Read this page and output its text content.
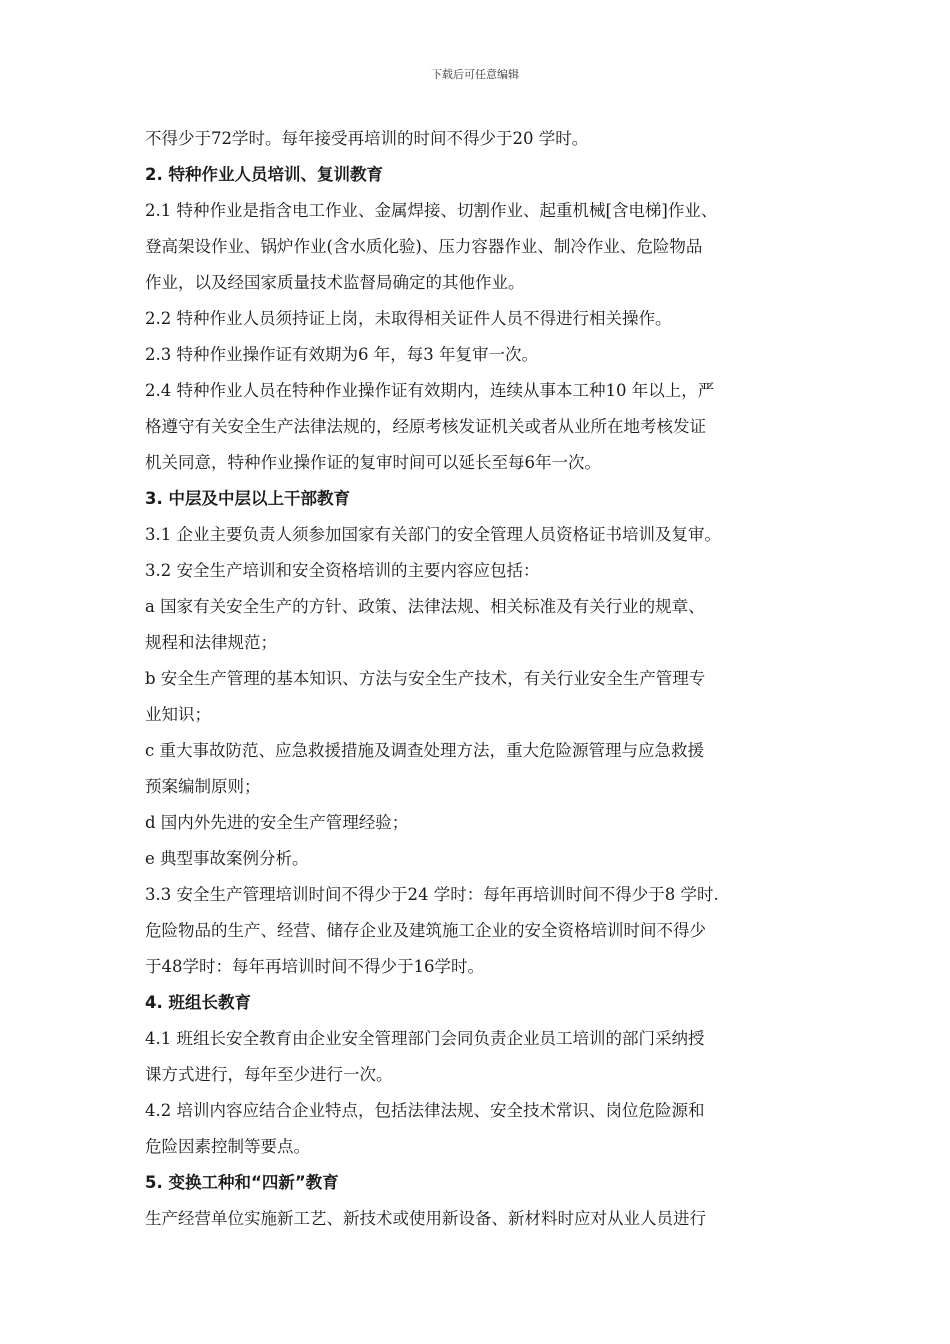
下载后可任意编辑
不得少于72学时。每年接受再培训的时间不得少于20 学时。
2. 特种作业人员培训、复训教育
2.1 特种作业是指含电工作业、金属焊接、切割作业、起重机械[含电梯]作业、
登高架设作业、锅炉作业(含水质化验)、压力容器作业、制冷作业、危险物品
作业，以及经国家质量技术监督局确定的其他作业。
2.2 特种作业人员须持证上岗，未取得相关证件人员不得进行相关操作。
2.3 特种作业操作证有效期为6 年，每3 年复审一次。
2.4 特种作业人员在特种作业操作证有效期内，连续从事本工种10 年以上，严
格遵守有关安全生产法律法规的，经原考核发证机关或者从业所在地考核发证
机关同意，特种作业操作证的复审时间可以延长至每6年一次。
3. 中层及中层以上干部教育
3.1 企业主要负责人须参加国家有关部门的安全管理人员资格证书培训及复审。
3.2 安全生产培训和安全资格培训的主要内容应包括：
a 国家有关安全生产的方针、政策、法律法规、相关标准及有关行业的规章、
规程和法律规范；
b 安全生产管理的基本知识、方法与安全生产技术，有关行业安全生产管理专
业知识；
c 重大事故防范、应急救援措施及调查处理方法，重大危险源管理与应急救援
预案编制原则；
d 国内外先进的安全生产管理经验；
e 典型事故案例分析。
3.3 安全生产管理培训时间不得少于24 学时：每年再培训时间不得少于8 学时.
危险物品的生产、经营、储存企业及建筑施工企业的安全资格培训时间不得少
于48学时：每年再培训时间不得少于16学时。
4. 班组长教育
4.1 班组长安全教育由企业安全管理部门会同负责企业员工培训的部门采纳授
课方式进行，每年至少进行一次。
4.2 培训内容应结合企业特点，包括法律法规、安全技术常识、岗位危险源和
危险因素控制等要点。
5. 变换工种和“四新”教育
生产经营单位实施新工艺、新技术或使用新设备、新材料时应对从业人员进行
